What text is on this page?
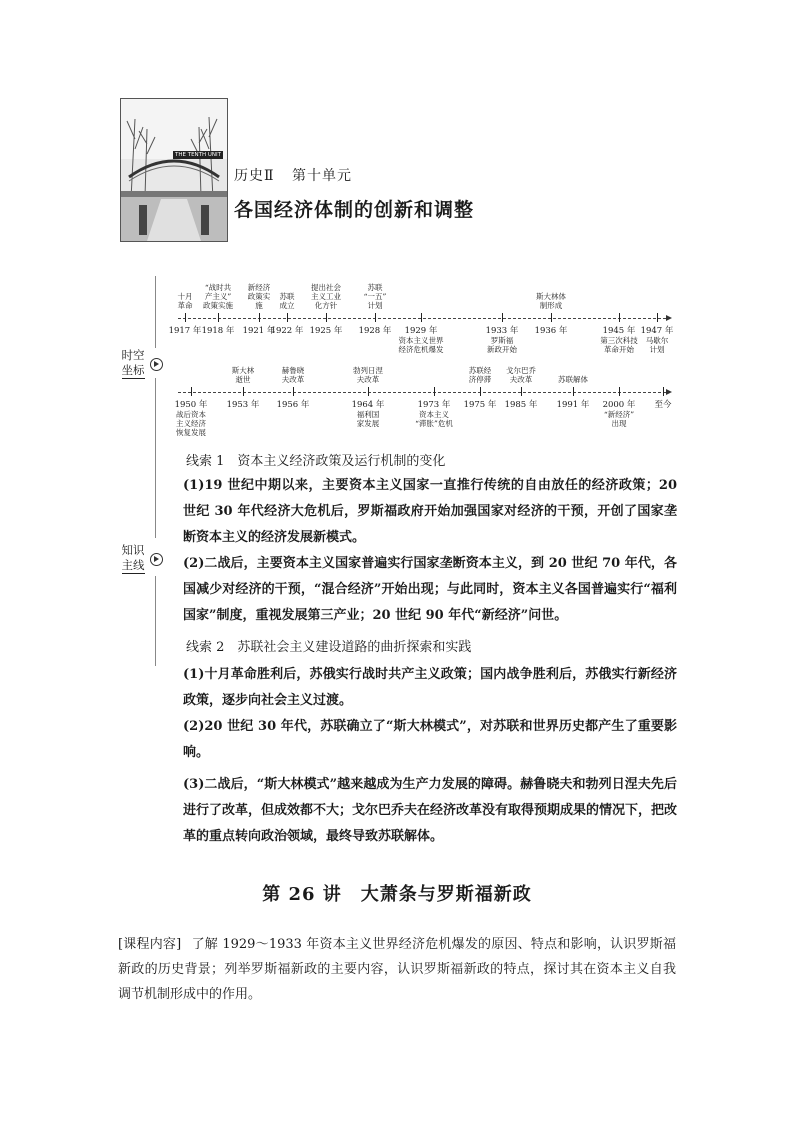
THE TENTH UNIT
历史Ⅱ 第十单元
各国经济体制的创新和调整
时空
坐标
知识
主线
1917 年 1918 年 1921 年
1922 年 1925 年 1928 年 1929 年	1933 年 1936 年	1945 年 1947 年
十月
革命
“战时共
产主义”
政策实施
新经济
政策实
施
苏联
成立
提出社会
主义工业
化方针
苏联
“一五”
计划
斯大林体
制形成
资本主义世界
经济危机爆发
罗斯福
新政开始
第三次科技
革命开始
马歇尔
计划
1950 年 1953 年 1956 年	1964 年	1973 年 1975 年 1985 年 1991 年 2000 年 至今
斯大林
逝世
赫鲁晓
夫改革
勃列日涅
夫改革
苏联经
济停滞
戈尔巴乔
夫改革	苏联解体
战后资本
主义经济
恢复发展
福利国
家发展
资本主义
“滞胀”危机
“新经济”
出现
线索 1　资本主义经济政策及运行机制的变化
(1)19 世纪中期以来，主要资本主义国家一直推行传统的自由放任的经济政策；20 世纪 30 年代经济大危机后，罗斯福政府开始加强国家对经济的干预，开创了国家垄断资本主义的经济发展新模式。
(2)二战后，主要资本主义国家普遍实行国家垄断资本主义，到 20 世纪 70 年代，各国减少对经济的干预，“混合经济”开始出现；与此同时，资本主义各国普遍实行“福利国家”制度，重视发展第三产业；20 世纪 90 年代“新经济”问世。
线索 2　苏联社会主义建设道路的曲折探索和实践
(1)十月革命胜利后，苏俄实行战时共产主义政策；国内战争胜利后，苏俄实行新经济政策，逐步向社会主义过渡。
(2)20 世纪 30 年代，苏联确立了“斯大林模式”，对苏联和世界历史都产生了重要影响。
(3)二战后，“斯大林模式”越来越成为生产力发展的障碍。赫鲁晓夫和勃列日涅夫先后进行了改革，但成效都不大；戈尔巴乔夫在经济改革没有取得预期成果的情况下，把改革的重点转向政治领域，最终导致苏联解体。
第 26 讲　大萧条与罗斯福新政
[课程内容] 了解 1929～1933 年资本主义世界经济危机爆发的原因、特点和影响，认识罗斯福新政的历史背景；列举罗斯福新政的主要内容，认识罗斯福新政的特点，探讨其在资本主义自我调节机制形成中的作用。
